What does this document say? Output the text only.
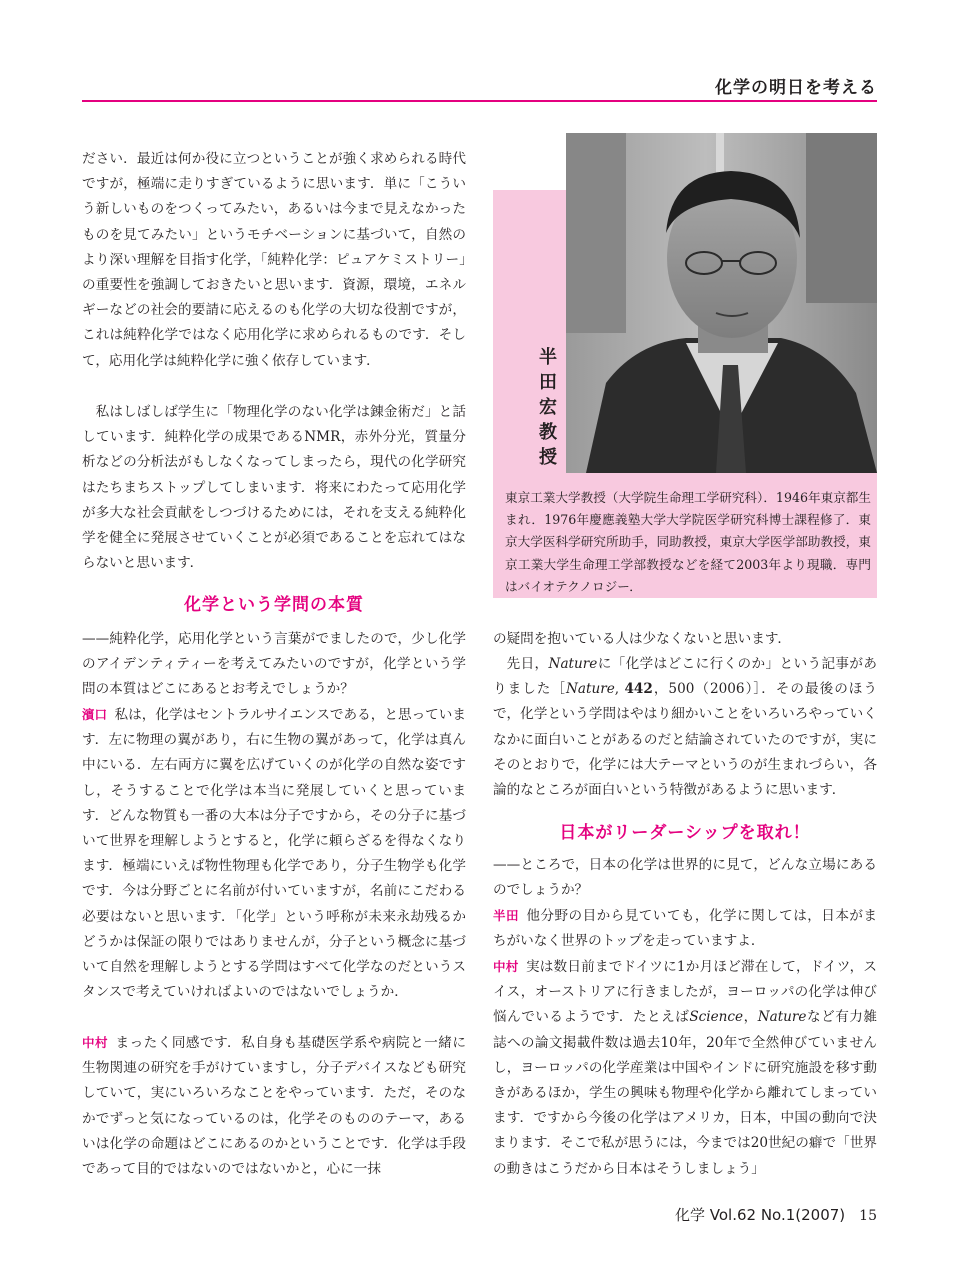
化学の明日を考える
ださい．最近は何か役に立つということが強く求められる時代ですが，極端に走りすぎているように思います．単に「こういう新しいものをつくってみたい，あるいは今まで見えなかったものを見てみたい」というモチベーションに基づいて，自然のより深い理解を目指す化学，「純粋化学：ピュアケミストリー」の重要性を強調しておきたいと思います．資源，環境，エネルギーなどの社会的要請に応えるのも化学の大切な役割ですが，これは純粋化学ではなく応用化学に求められるものです．そして，応用化学は純粋化学に強く依存しています．
私はしばしば学生に「物理化学のない化学は錬金術だ」と話しています．純粋化学の成果であるNMR，赤外分光，質量分析などの分析法がもしなくなってしまったら，現代の化学研究はたちまちストップしてしまいます．将来にわたって応用化学が多大な社会貢献をしつづけるためには，それを支える純粋化学を健全に発展させていくことが必須であることを忘れてはならないと思います．
化学という学問の本質
——純粋化学，応用化学という言葉がでましたので，少し化学のアイデンティティーを考えてみたいのですが，化学という学問の本質はどこにあるとお考えでしょうか？
濱口 私は，化学はセントラルサイエンスである，と思っています．左に物理の翼があり，右に生物の翼があって，化学は真ん中にいる．左右両方に翼を広げていくのが化学の自然な姿ですし，そうすることで化学は本当に発展していくと思っています．どんな物質も一番の大本は分子ですから，その分子に基づいて世界を理解しようとすると，化学に頼らざるを得なくなります．極端にいえば物性物理も化学であり，分子生物学も化学です．今は分野ごとに名前が付いていますが，名前にこだわる必要はないと思います．「化学」という呼称が未来永劫残るかどうかは保証の限りではありませんが，分子という概念に基づいて自然を理解しようとする学問はすべて化学なのだというスタンスで考えていければよいのではないでしょうか．
中村 まったく同感です．私自身も基礎医学系や病院と一緒に生物関連の研究を手がけていますし，分子デバイスなども研究していて，実にいろいろなことをやっています．ただ，そのなかでずっと気になっているのは，化学そのもののテーマ，あるいは化学の命題はどこにあるのかということです．化学は手段であって目的ではないのではないかと，心に一抹
半
田
宏
教
授
東京工業大学教授（大学院生命理工学研究科）．1946年東京都生まれ．1976年慶應義塾大学大学院医学研究科博士課程修了．東京大学医科学研究所助手，同助教授，東京大学医学部助教授，東京工業大学生命理工学部教授などを経て2003年より現職．専門はバイオテクノロジー．
の疑問を抱いている人は少なくないと思います．
先日，Natureに「化学はどこに行くのか」という記事がありました［Nature, 442，500（2006）］．その最後のほうで，化学という学問はやはり細かいことをいろいろやっていくなかに面白いことがあるのだと結論されていたのですが，実にそのとおりで，化学には大テーマというのが生まれづらい，各論的なところが面白いという特徴があるように思います．
日本がリーダーシップを取れ！
——ところで，日本の化学は世界的に見て，どんな立場にあるのでしょうか？
半田 他分野の目から見ていても，化学に関しては，日本がまちがいなく世界のトップを走っていますよ．
中村 実は数日前までドイツに1か月ほど滞在して，ドイツ，スイス，オーストリアに行きましたが，ヨーロッパの化学は伸び悩んでいるようです．たとえばScience，Natureなど有力雑誌への論文掲載件数は過去10年，20年で全然伸びていませんし，ヨーロッパの化学産業は中国やインドに研究施設を移す動きがあるほか，学生の興味も物理や化学から離れてしまっています．ですから今後の化学はアメリカ，日本，中国の動向で決まります．そこで私が思うには，今までは20世紀の癖で「世界の動きはこうだから日本はそうしましょう」
化学 Vol.62 No.1(2007) 15
